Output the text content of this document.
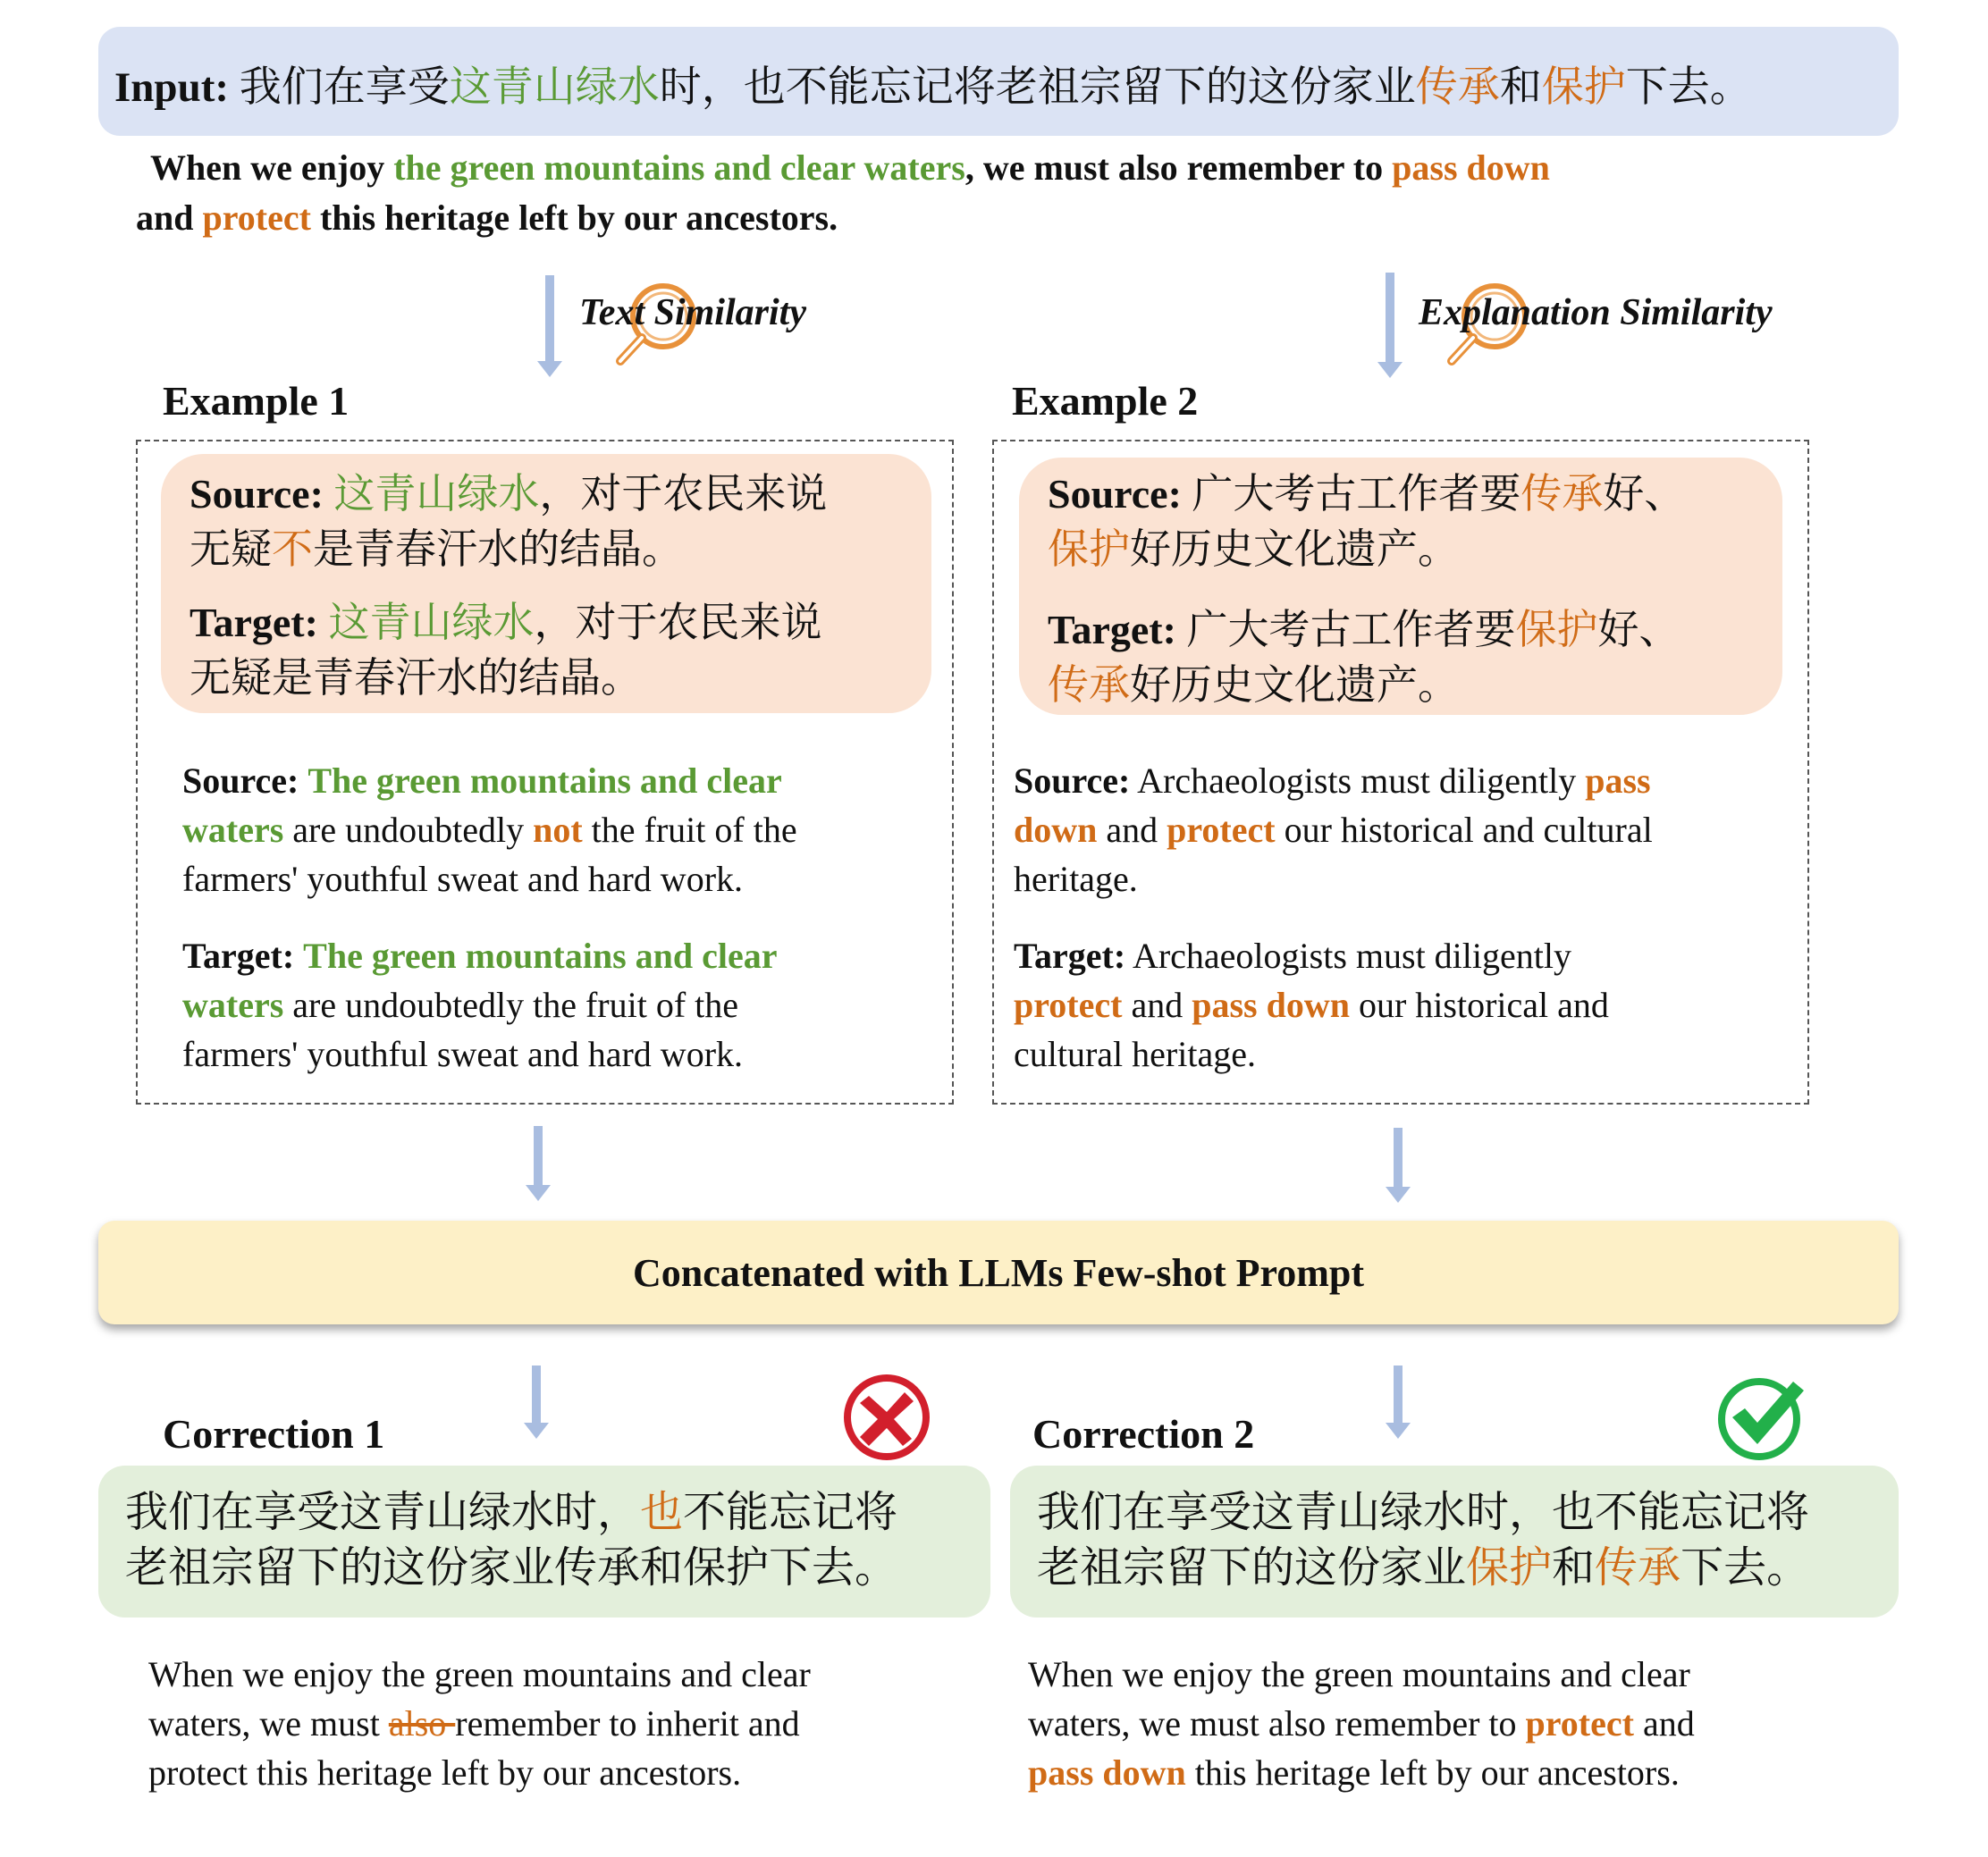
Input: 我们在享受这青山绿水时，也不能忘记将老祖宗留下的这份家业传承和保护下去。
When we enjoy the green mountains and clear waters, we must also remember to pass down
and protect this heritage left by our ancestors.
Text Similarity	Explanation Similarity
Example 1
Source: 这青山绿水，对于农民来说
无疑不是青春汗水的结晶。
Target: 这青山绿水，对于农民来说
无疑是青春汗水的结晶。
Source: The green mountains and clear
waters are undoubtedly not the fruit of the
farmers' youthful sweat and hard work.
Target: The green mountains and clear
waters are undoubtedly the fruit of the
farmers' youthful sweat and hard work.
Example 2
Source: 广大考古工作者要传承好、
保护好历史文化遗产。
Target: 广大考古工作者要保护好、
传承好历史文化遗产。
Source: Archaeologists must diligently pass
down and protect our historical and cultural
heritage.
Target: Archaeologists must diligently
protect and pass down our historical and
cultural heritage.
Concatenated with LLMs Few-shot Prompt
Correction 1	Correction 2
我们在享受这青山绿水时，也不能忘记将
老祖宗留下的这份家业传承和保护下去。
When we enjoy the green mountains and clear
waters, we must also remember to inherit and
protect this heritage left by our ancestors.
我们在享受这青山绿水时，也不能忘记将
老祖宗留下的这份家业保护和传承下去。
When we enjoy the green mountains and clear
waters, we must also remember to protect and
pass down this heritage left by our ancestors.
